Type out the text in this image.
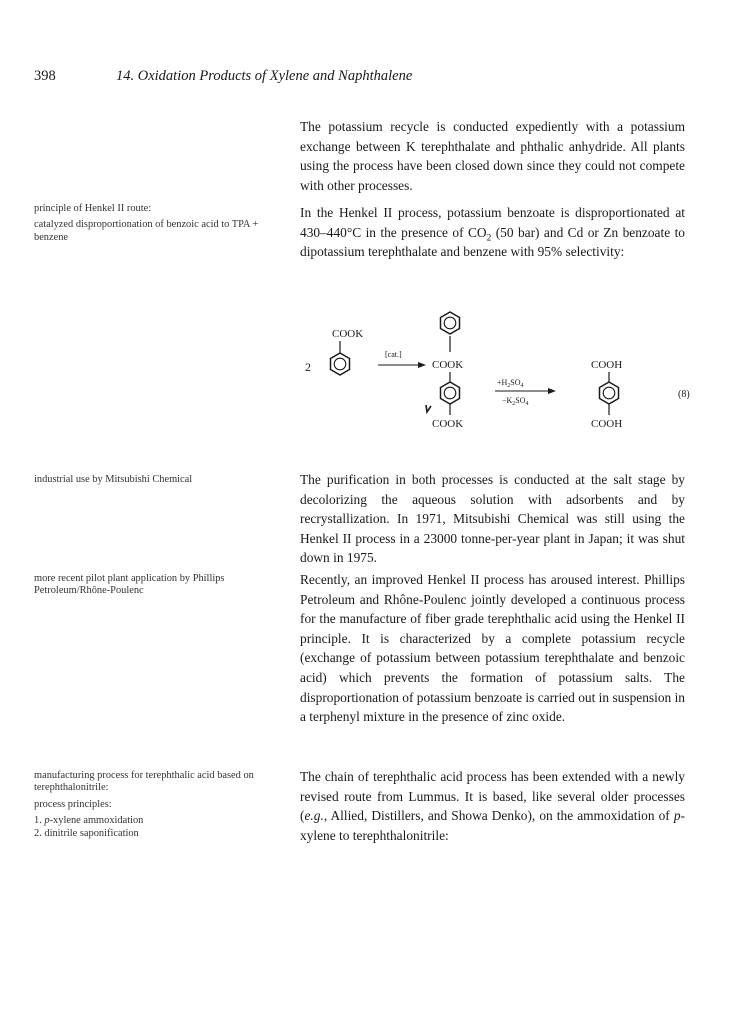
398	14. Oxidation Products of Xylene and Naphthalene
principle of Henkel II route:
catalyzed disproportionation of benzoic acid to TPA + benzene
industrial use by Mitsubishi Chemical
more recent pilot plant application by Phillips Petroleum/Rhône-Poulenc
manufacturing process for terephthalic acid based on terephthalonitrile:
process principles:
1. p-xylene ammoxidation
2. dinitrile saponification

The potassium recycle is conducted expediently with a potassium exchange between K terephthalate and phthalic anhydride. All plants using the process have been closed down since they could not compete with other processes.

In the Henkel II process, potassium benzoate is disproportionated at 430–440°C in the presence of $CO_2$ (50 bar) and Cd or Zn benzoate to dipotassium terephthalate and benzene with 95% selectivity:

The purification in both processes is conducted at the salt stage by decolorizing the aqueous solution with adsorbents and by recrystallization. In 1971, Mitsubishi Chemical was still using the Henkel II process in a 23000 tonne-per-year plant in Japan; it was shut down in 1975.

Recently, an improved Henkel II process has aroused interest. Phillips Petroleum and Rhône-Poulenc jointly developed a continuous process for the manufacture of fiber grade terephthalic acid using the Henkel II principle. It is characterized by a complete potassium recycle (exchange of potassium between potassium terephthalate and benzoic acid) which prevents the formation of potassium salts. The disproportionation of potassium benzoate is carried out in suspension in a terphenyl mixture in the presence of zinc oxide.

The chain of terephthalic acid process has been extended with a newly revised route from Lummus. It is based, like several older processes (e.g., Allied, Distillers, and Showa Denko), on the ammoxidation of p-xylene to terephthalonitrile:

2
COOK
[cat.]
COOK
COOK
$+H_2SO_4$
$-K_2SO_4$
COOH
COOH
(8)
